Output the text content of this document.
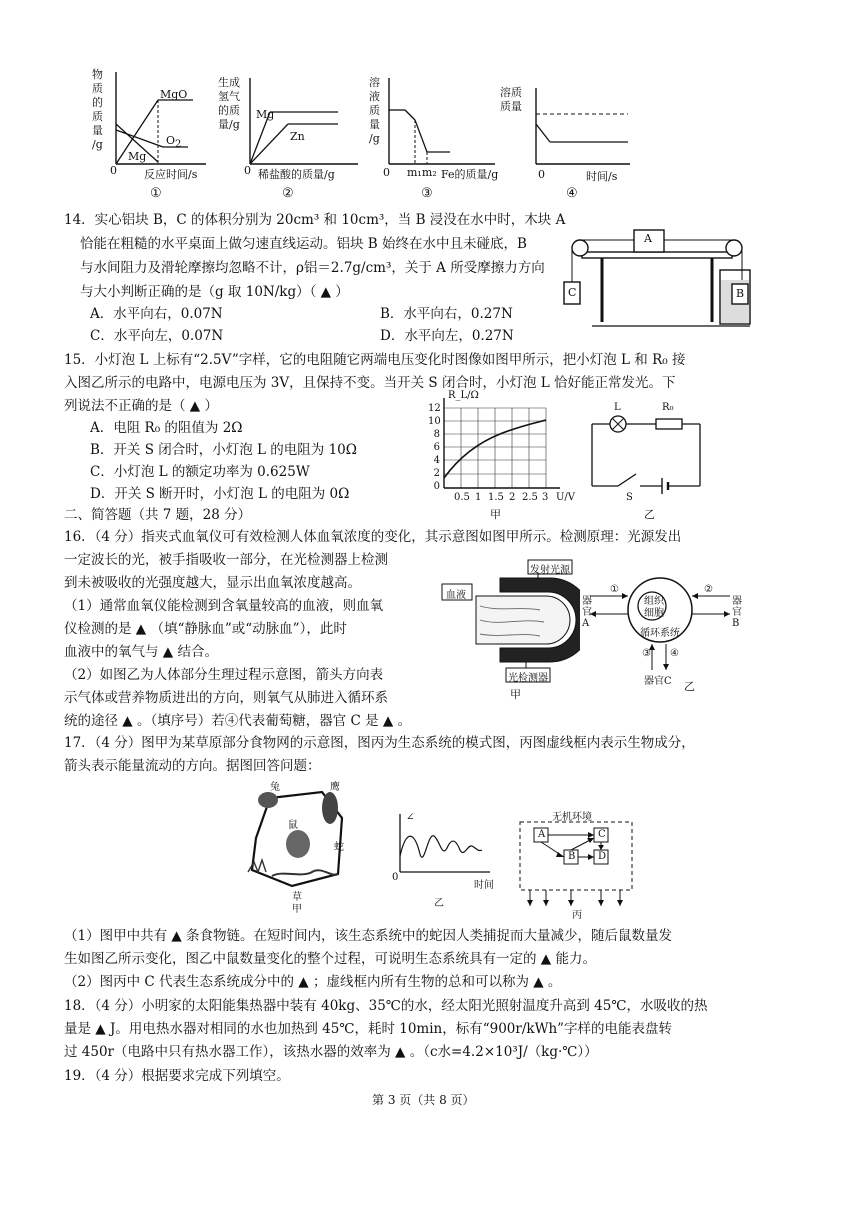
物
质
的
质
量
/g
MgO
$O_2$
Mg
0 反应时间/s
①
生成
氢气
的质
量/g
Mg
Zn
0 稀盐酸的质量/g
②
溶
液
质
量
/g
0 m₁m₂ Fe的质量/g
③
溶质
质量
0	时间/s
④
14．实心铝块 B，C 的体积分别为 20cm³ 和 10cm³，当 B 浸没在水中时，木块 A
恰能在粗糙的水平桌面上做匀速直线运动。铝块 B 始终在水中且未碰底，B
与水间阻力及滑轮摩擦均忽略不计，ρ铝＝2.7g/cm³，关于 A 所受摩擦力方向
与大小判断正确的是（g 取 10N/kg）（ ▲ ）
A．水平向右，0.07N	B．水平向右，0.27N
C．水平向左，0.07N	D．水平向左，0.27N
A
C	B
15．小灯泡 L 上标有“2.5V”字样，它的电阻随它两端电压变化时图像如图甲所示，把小灯泡 L 和 R₀ 接
入图乙所示的电路中，电源电压为 3V，且保持不变。当开关 S 闭合时，小灯泡 L 恰好能正常发光。下
列说法不正确的是（ ▲ ）
A．电阻 R₀ 的阻值为 2Ω
B．开关 S 闭合时，小灯泡 L 的电阻为 10Ω
C．小灯泡 L 的额定功率为 0.625W
D．开关 S 断开时，小灯泡 L 的电阻为 0Ω
R_L/Ω
12
10
8
6
4
2
0
0.5 1 1.5 2 2.5 3 U/V
甲
L	R₀
S
乙
二、简答题（共 7 题，28 分）
16．（4 分）指夹式血氧仪可有效检测人体血氧浓度的变化，其示意图如图甲所示。检测原理：光源发出
一定波长的光，被手指吸收一部分，在光检测器上检测
到未被吸收的光强度越大，显示出血氧浓度越高。
（1）通常血氧仪能检测到含氧量较高的血液，则血氧
仪检测的是 ▲ （填“静脉血”或“动脉血”），此时
血液中的氧气与 ▲ 结合。
（2）如图乙为人体部分生理过程示意图，箭头方向表
示气体或营养物质进出的方向，则氧气从肺进入循环系
统的途径 ▲ 。（填序号）若④代表葡萄糖，器官 C 是 ▲ 。
血液
发射光源
光检测器
甲
组织
细胞
循环系统
①	②
③ ④
器官A
器官B
器官C 乙
17．（4 分）图甲为某草原部分食物网的示意图，图丙为生态系统的模式图，丙图虚线框内表示生物成分，
箭头表示能量流动的方向。据图回答问题：
兔	鹰
鼠
蛇
草
甲
∠
0
时间
乙
无机环境
A	C
B D
丙
（1）图甲中共有 ▲ 条食物链。在短时间内，该生态系统中的蛇因人类捕捉而大量减少，随后鼠数量发
生如图乙所示变化，图乙中鼠数量变化的整个过程，可说明生态系统具有一定的 ▲ 能力。
（2）图丙中 C 代表生态系统成分中的 ▲ ；虚线框内所有生物的总和可以称为 ▲ 。
18．（4 分）小明家的太阳能集热器中装有 40kg、35℃的水，经太阳光照射温度升高到 45℃，水吸收的热
量是 ▲ J。用电热水器对相同的水也加热到 45℃，耗时 10min，标有“900r/kWh”字样的电能表盘转
过 450r（电路中只有热水器工作），该热水器的效率为 ▲ 。（c水=4.2×10³J/（kg·℃））
19．（4 分）根据要求完成下列填空。
第 3 页（共 8 页）
